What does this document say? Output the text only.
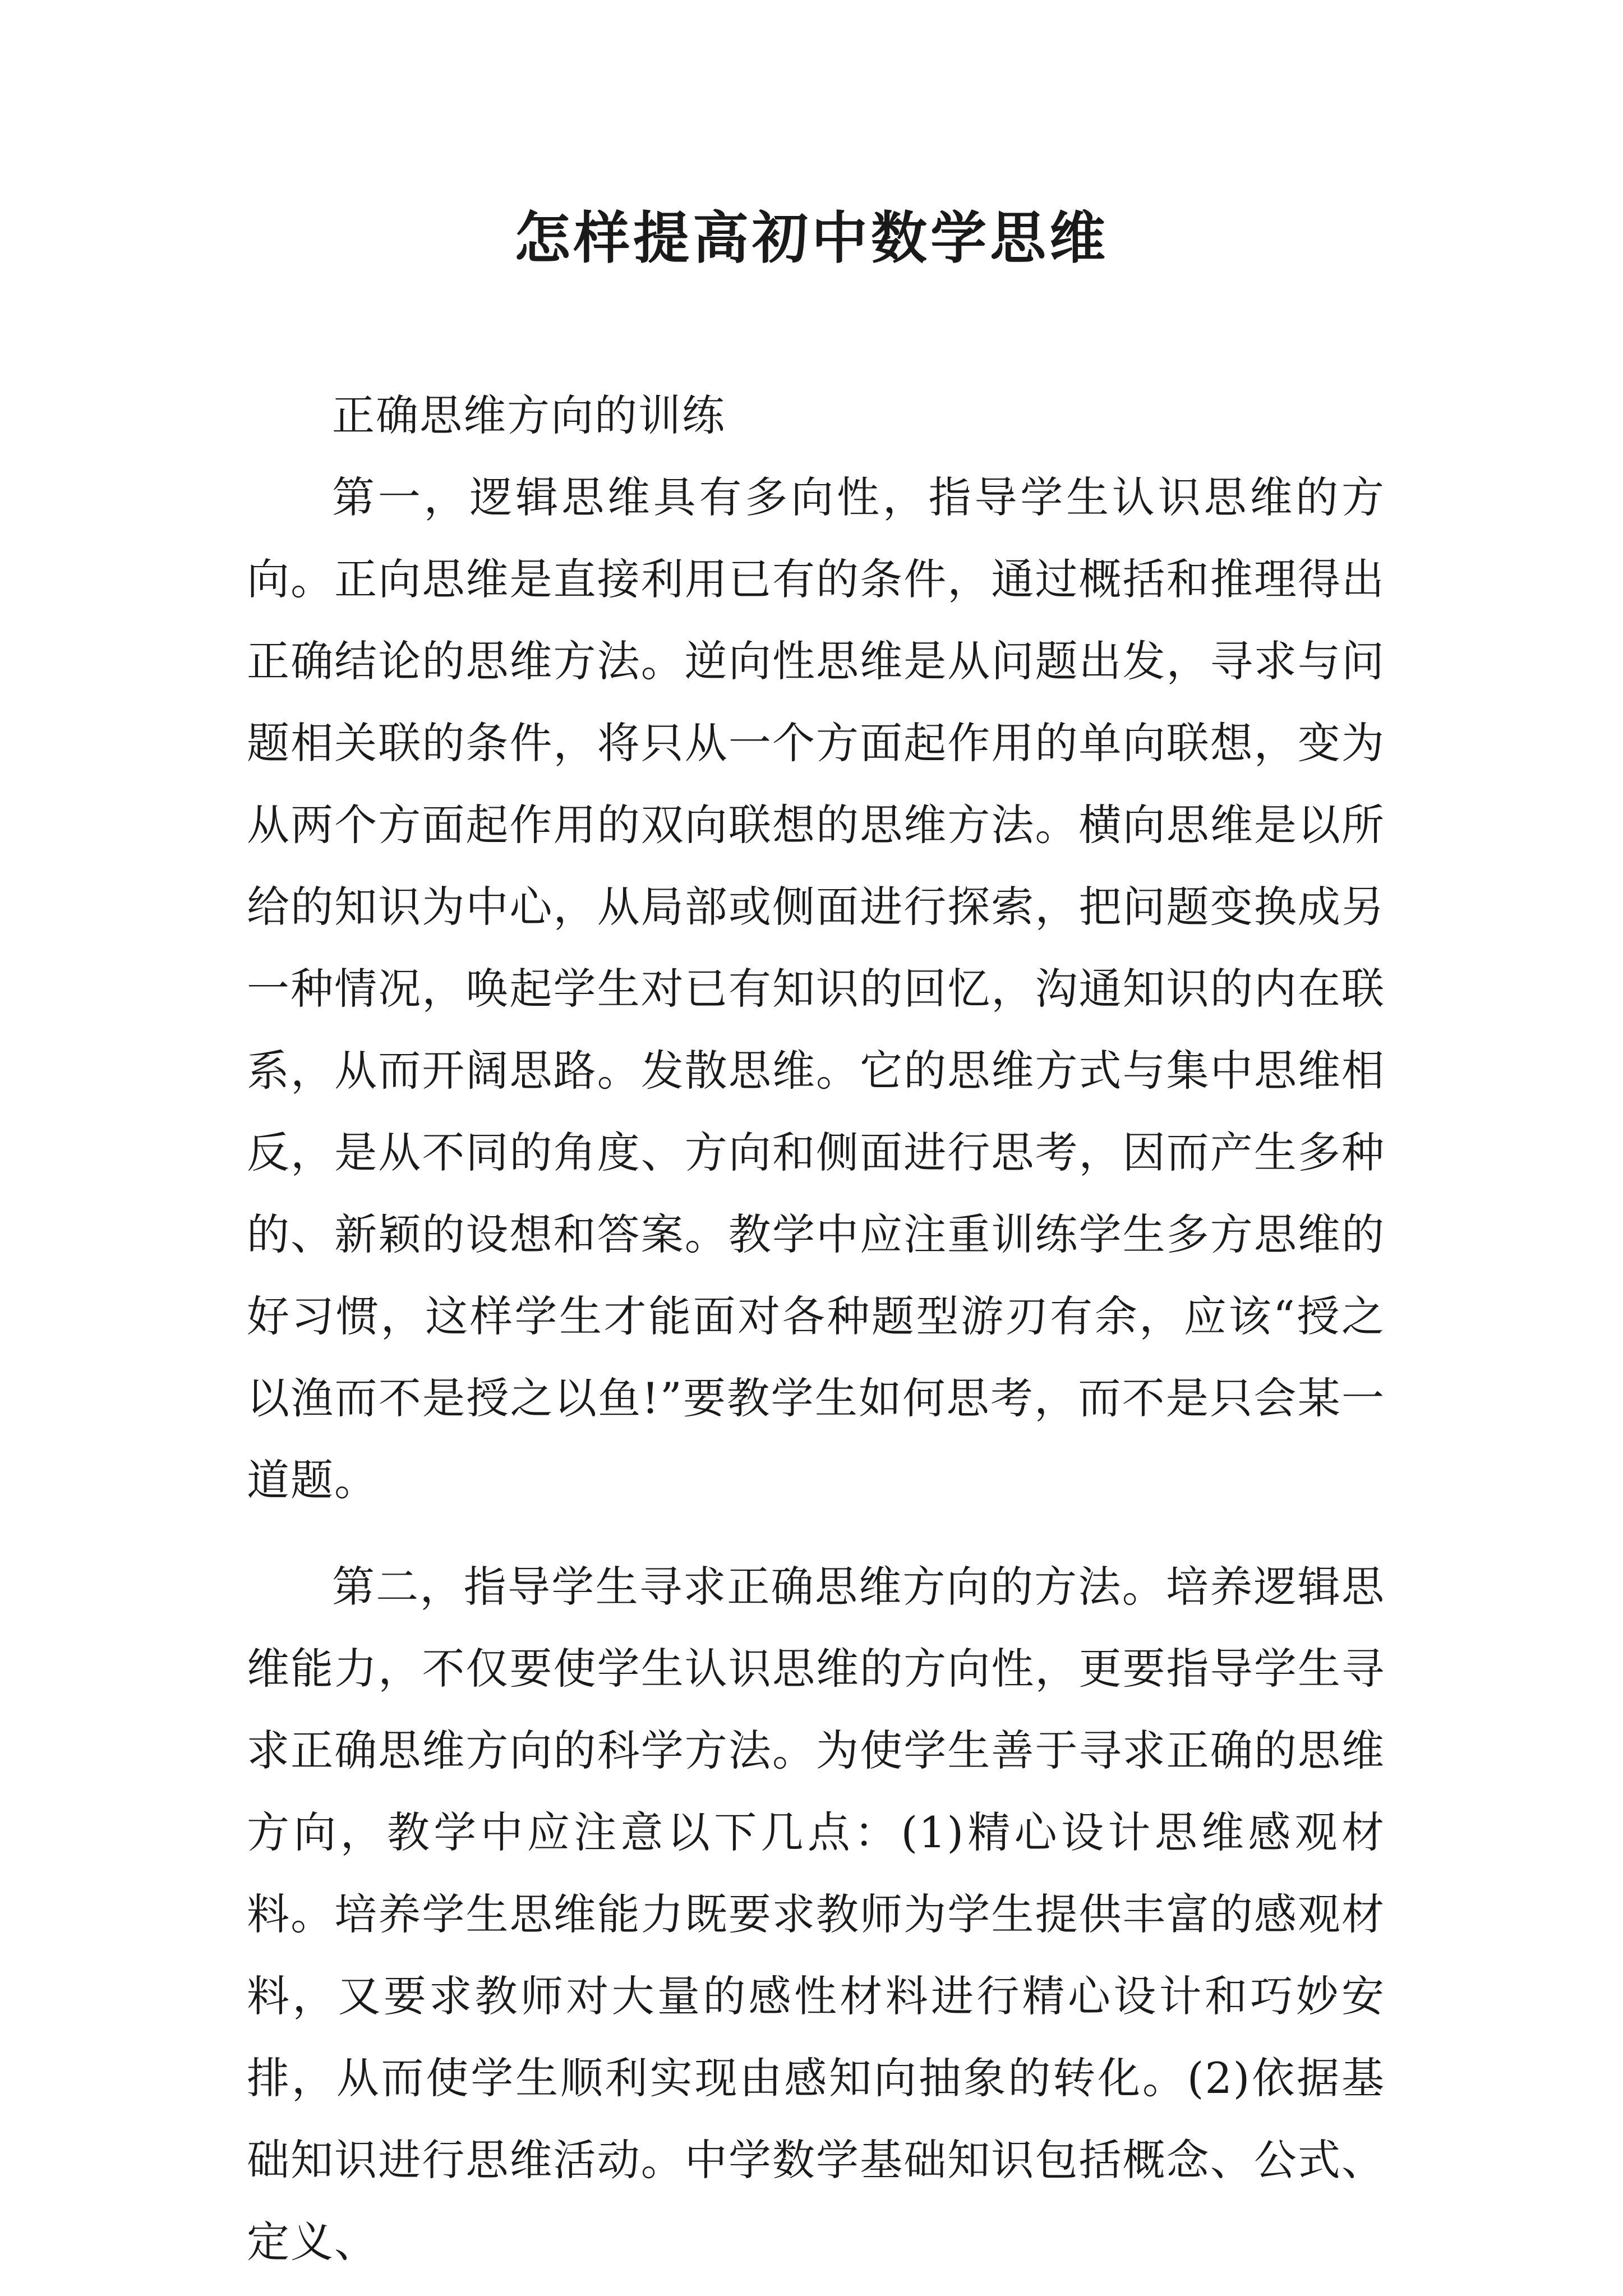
怎样提高初中数学思维

正确思维方向的训练

第一，逻辑思维具有多向性，指导学生认识思维的方向。正向思维是直接利用已有的条件，通过概括和推理得出正确结论的思维方法。逆向性思维是从问题出发，寻求与问题相关联的条件，将只从一个方面起作用的单向联想，变为从两个方面起作用的双向联想的思维方法。横向思维是以所给的知识为中心，从局部或侧面进行探索，把问题变换成另一种情况，唤起学生对已有知识的回忆，沟通知识的内在联系，从而开阔思路。发散思维。它的思维方式与集中思维相反，是从不同的角度、方向和侧面进行思考，因而产生多种的、新颖的设想和答案。教学中应注重训练学生多方思维的好习惯，这样学生才能面对各种题型游刃有余，应该“授之以渔而不是授之以鱼!”要教学生如何思考，而不是只会某一道题。

第二，指导学生寻求正确思维方向的方法。培养逻辑思维能力，不仅要使学生认识思维的方向性，更要指导学生寻求正确思维方向的科学方法。为使学生善于寻求正确的思维方向，教学中应注意以下几点：(1)精心设计思维感观材料。培养学生思维能力既要求教师为学生提供丰富的感观材料，又要求教师对大量的感性材料进行精心设计和巧妙安排，从而使学生顺利实现由感知向抽象的转化。(2)依据基础知识进行思维活动。中学数学基础知识包括概念、公式、定义、
